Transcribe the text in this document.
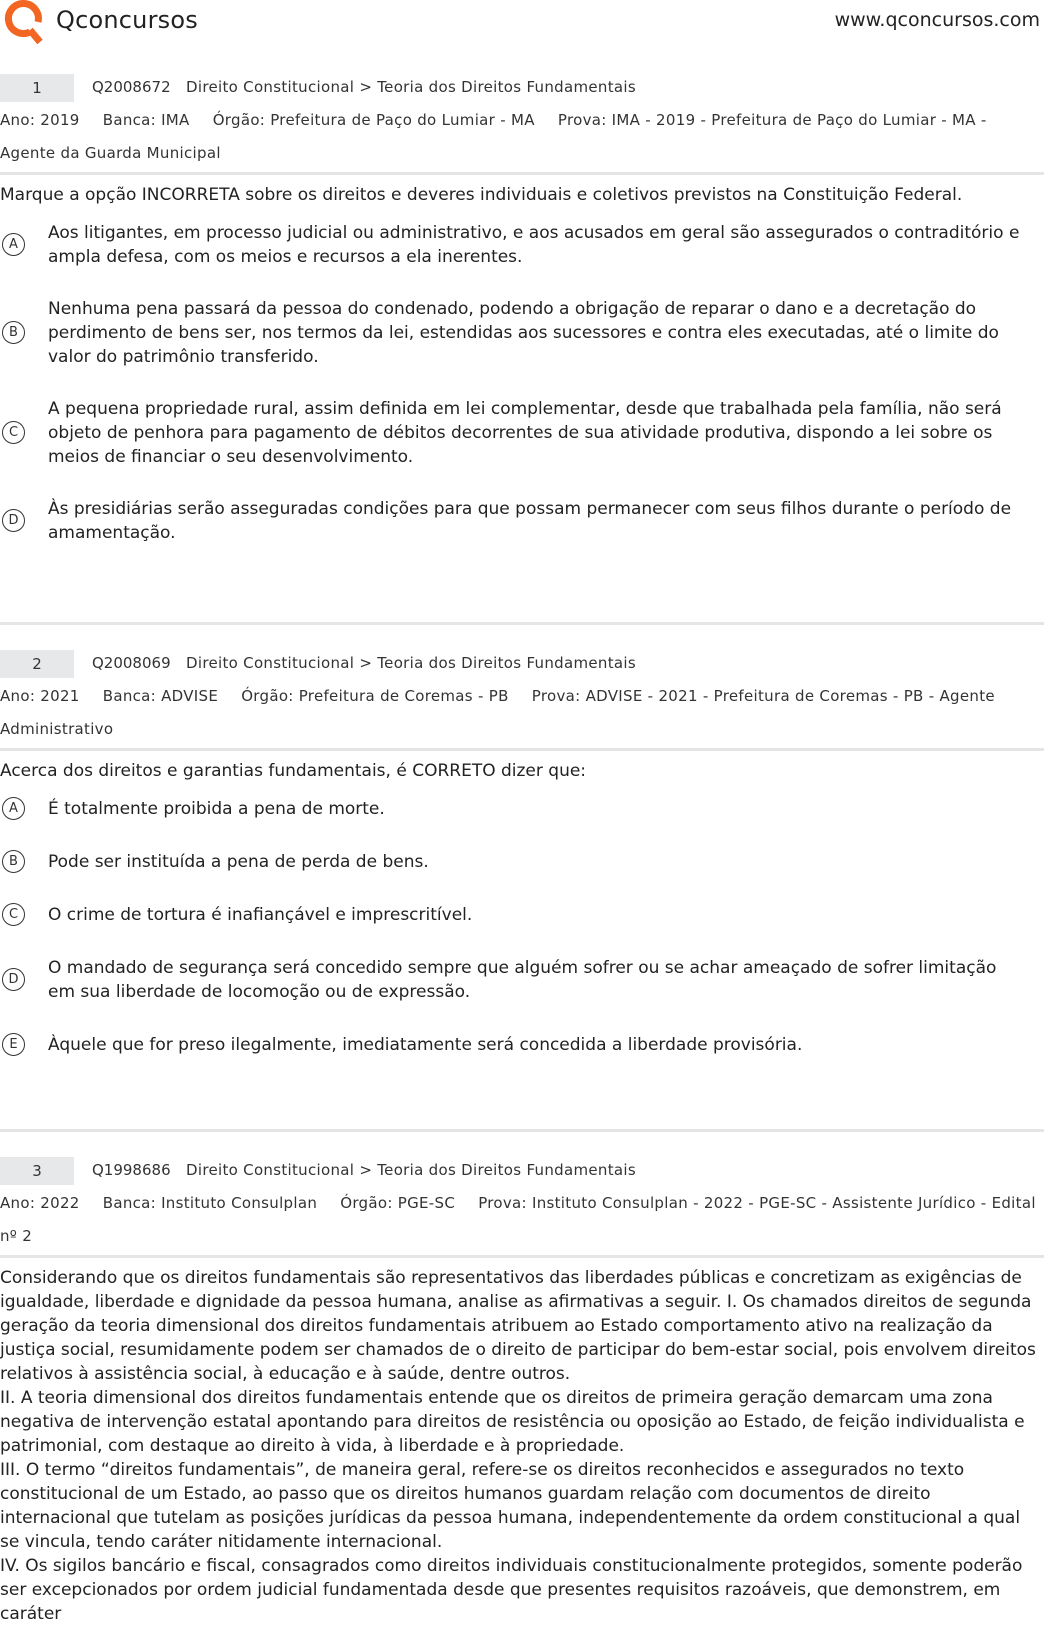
Qconcursos	www.qconcursos.com
1	Q2008672 Direito Constitucional > Teoria dos Direitos Fundamentais
Ano: 2019 Banca: IMA Órgão: Prefeitura de Paço do Lumiar - MA Prova: IMA - 2019 - Prefeitura de Paço do Lumiar - MA - Agente da Guarda Municipal
Marque a opção INCORRETA sobre os direitos e deveres individuais e coletivos previstos na Constituição Federal.
A
Aos litigantes, em processo judicial ou administrativo, e aos acusados em geral são assegurados o contraditório e ampla defesa, com os meios e recursos a ela inerentes.
B
Nenhuma pena passará da pessoa do condenado, podendo a obrigação de reparar o dano e a decretação do perdimento de bens ser, nos termos da lei, estendidas aos sucessores e contra eles executadas, até o limite do valor do patrimônio transferido.
C
A pequena propriedade rural, assim definida em lei complementar, desde que trabalhada pela família, não será objeto de penhora para pagamento de débitos decorrentes de sua atividade produtiva, dispondo a lei sobre os meios de financiar o seu desenvolvimento.
D
Às presidiárias serão asseguradas condições para que possam permanecer com seus filhos durante o período de amamentação.
2	Q2008069 Direito Constitucional > Teoria dos Direitos Fundamentais
Ano: 2021 Banca: ADVISE Órgão: Prefeitura de Coremas - PB Prova: ADVISE - 2021 - Prefeitura de Coremas - PB - Agente Administrativo
Acerca dos direitos e garantias fundamentais, é CORRETO dizer que:
A	É totalmente proibida a pena de morte.
B	Pode ser instituída a pena de perda de bens.
C	O crime de tortura é inafiançável e imprescritível.
D
O mandado de segurança será concedido sempre que alguém sofrer ou se achar ameaçado de sofrer limitação em sua liberdade de locomoção ou de expressão.
E	Àquele que for preso ilegalmente, imediatamente será concedida a liberdade provisória.
3	Q1998686 Direito Constitucional > Teoria dos Direitos Fundamentais
Ano: 2022 Banca: Instituto Consulplan Órgão: PGE-SC Prova: Instituto Consulplan - 2022 - PGE-SC - Assistente Jurídico - Edital nº 2

Considerando que os direitos fundamentais são representativos das liberdades públicas e concretizam as exigências de igualdade, liberdade e dignidade da pessoa humana, analise as afirmativas a seguir. I. Os chamados direitos de segunda geração da teoria dimensional dos direitos fundamentais atribuem ao Estado comportamento ativo na realização da justiça social, resumidamente podem ser chamados de o direito de participar do bem-estar social, pois envolvem direitos relativos à assistência social, à educação e à saúde, dentre outros.

II. A teoria dimensional dos direitos fundamentais entende que os direitos de primeira geração demarcam uma zona negativa de intervenção estatal apontando para direitos de resistência ou oposição ao Estado, de feição individualista e patrimonial, com destaque ao direito à vida, à liberdade e à propriedade.

III. O termo “direitos fundamentais”, de maneira geral, refere-se os direitos reconhecidos e assegurados no texto constitucional de um Estado, ao passo que os direitos humanos guardam relação com documentos de direito internacional que tutelam as posições jurídicas da pessoa humana, independentemente da ordem constitucional a qual se vincula, tendo caráter nitidamente internacional.

IV. Os sigilos bancário e fiscal, consagrados como direitos individuais constitucionalmente protegidos, somente poderão ser excepcionados por ordem judicial fundamentada desde que presentes requisitos razoáveis, que demonstrem, em caráter
